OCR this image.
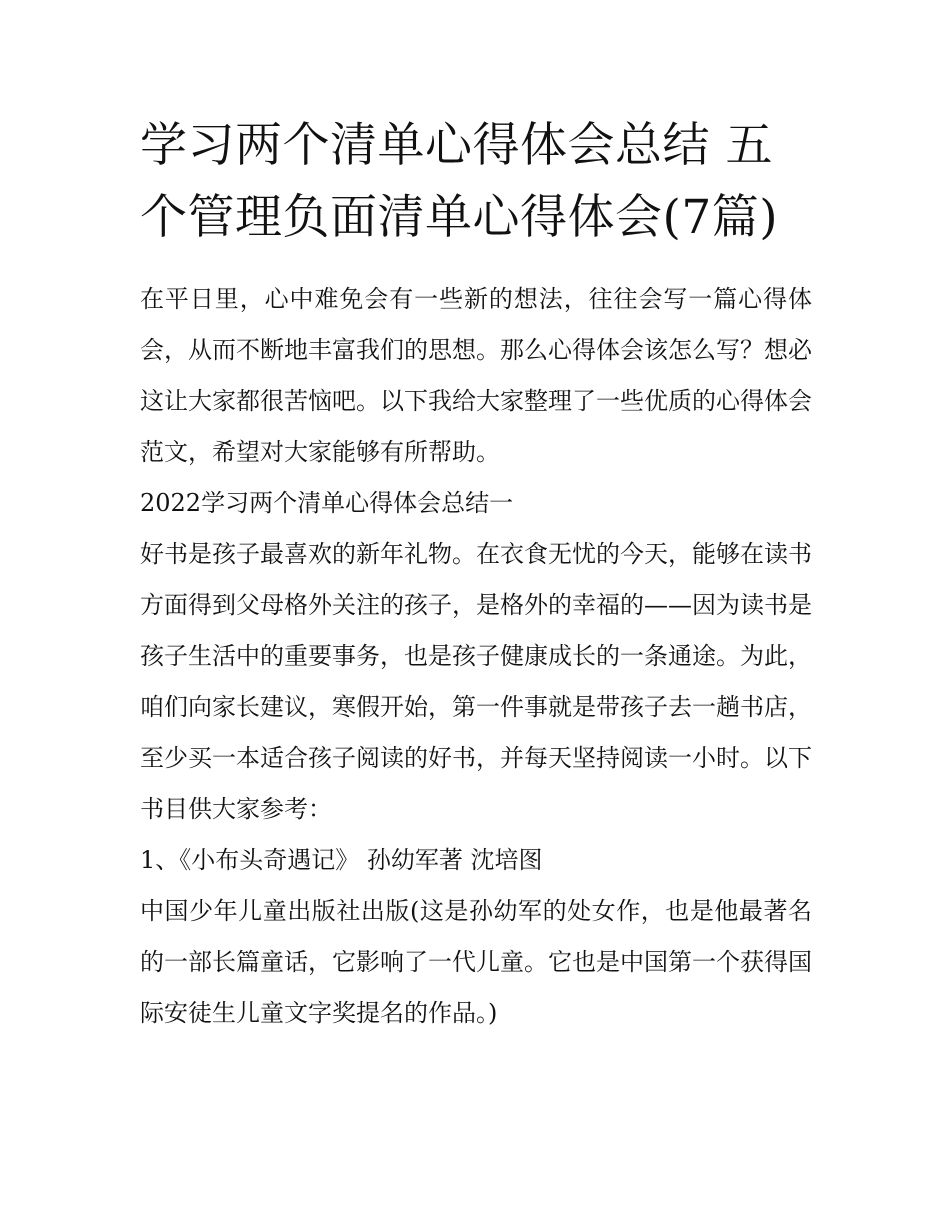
学习两个清单心得体会总结 五个管理负面清单心得体会(7篇)

在平日里，心中难免会有一些新的想法，往往会写一篇心得体会，从而不断地丰富我们的思想。那么心得体会该怎么写？想必这让大家都很苦恼吧。以下我给大家整理了一些优质的心得体会范文，希望对大家能够有所帮助。

2022学习两个清单心得体会总结一

好书是孩子最喜欢的新年礼物。在衣食无忧的今天，能够在读书方面得到父母格外关注的孩子，是格外的幸福的——因为读书是孩子生活中的重要事务，也是孩子健康成长的一条通途。为此，咱们向家长建议，寒假开始，第一件事就是带孩子去一趟书店，至少买一本适合孩子阅读的好书，并每天坚持阅读一小时。以下书目供大家参考：

1、《小布头奇遇记》 孙幼军著 沈培图

中国少年儿童出版社出版(这是孙幼军的处女作，也是他最著名的一部长篇童话，它影响了一代儿童。它也是中国第一个获得国际安徒生儿童文字奖提名的作品。)
